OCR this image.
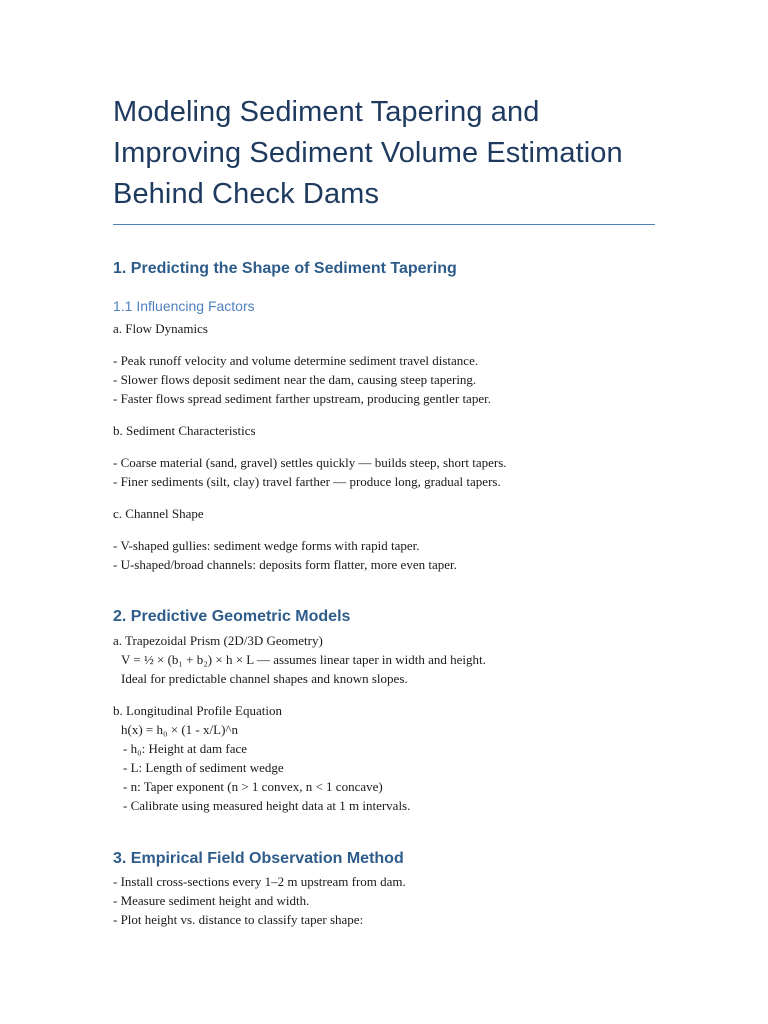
Modeling Sediment Tapering and
Improving Sediment Volume Estimation
Behind Check Dams
1. Predicting the Shape of Sediment Tapering
1.1 Influencing Factors

a. Flow Dynamics

- Peak runoff velocity and volume determine sediment travel distance.

- Slower flows deposit sediment near the dam, causing steep tapering.

- Faster flows spread sediment farther upstream, producing gentler taper.

b. Sediment Characteristics

- Coarse material (sand, gravel) settles quickly — builds steep, short tapers.

- Finer sediments (silt, clay) travel farther — produce long, gradual tapers.

c. Channel Shape

- V-shaped gullies: sediment wedge forms with rapid taper.

- U-shaped/broad channels: deposits form flatter, more even taper.

2. Predictive Geometric Models

a. Trapezoidal Prism (2D/3D Geometry)

V = ½ × (b₁ + b₂) × h × L — assumes linear taper in width and height.

Ideal for predictable channel shapes and known slopes.

b. Longitudinal Profile Equation

h(x) = h₀ × (1 - x/L)^n

- h₀: Height at dam face

- L: Length of sediment wedge

- n: Taper exponent (n > 1 convex, n < 1 concave)

- Calibrate using measured height data at 1 m intervals.

3. Empirical Field Observation Method

- Install cross-sections every 1–2 m upstream from dam.

- Measure sediment height and width.

- Plot height vs. distance to classify taper shape:
